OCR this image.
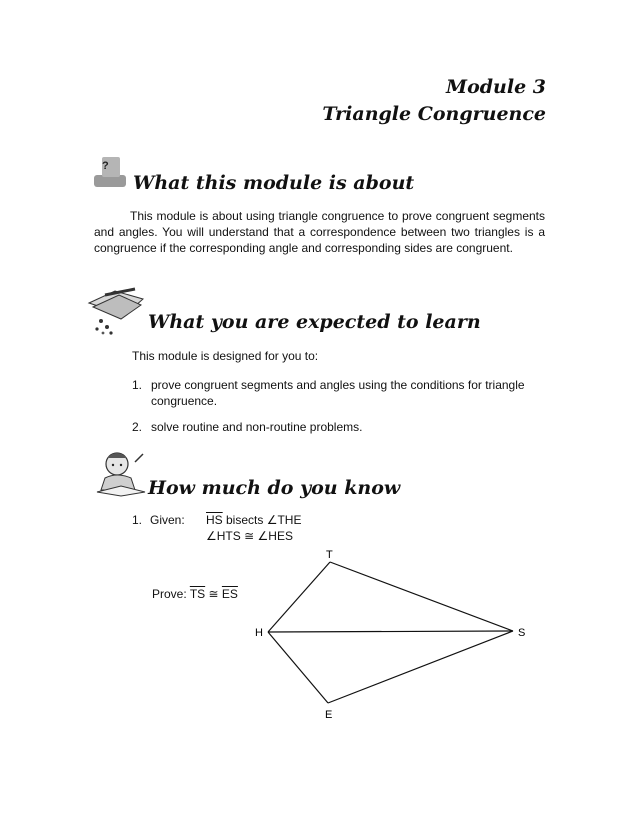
Module 3
Triangle Congruence
?
What this module is about

This module is about using triangle congruence to prove congruent segments and angles. You will understand that a correspondence between two triangles is a congruence if the corresponding angle and corresponding sides are congruent.

What you are expected to learn
This module is designed for you to:
1. prove congruent segments and angles using the conditions for triangle congruence.
2. solve routine and non-routine problems.
How much do you know
1. Given: $\overline{HS}$ bisects ∠THE
∠HTS ≅ ∠HES
Prove: $\overline{TS}$ ≅ $\overline{ES}$
T
H	S
E
